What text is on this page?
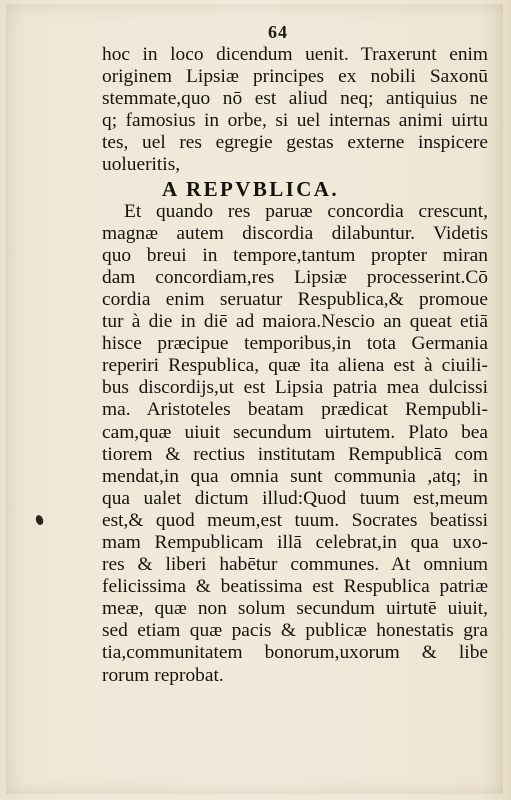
64
hoc in loco dicendum uenit. Traxerunt enim
originem Lipsiæ principes ex nobili Saxonū
stemmate,quo nō est aliud neq; antiquius ne
q; famosius in orbe, si uel internas animi uirtu
tes, uel res egregie gestas externe inspicere
uolueritis,
A REPVBLICA.
Et quando res paruæ concordia crescunt,
magnæ autem discordia dilabuntur. Videtis
quo breui in tempore,tantum propter miran
dam concordiam,res Lipsiæ processerint.Cō
cordia enim seruatur Respublica,& promoue
tur à die in diē ad maiora.Nescio an queat etiā
hisce præcipue temporibus,in tota Germania
reperiri Respublica, quæ ita aliena est à ciuili-
bus discordijs,ut est Lipsia patria mea dulcissi
ma. Aristoteles beatam prædicat Rempubli-
cam,quæ uiuit secundum uirtutem. Plato bea
tiorem & rectius institutam Rempublicā com
mendat,in qua omnia sunt communia ,atq; in
qua ualet dictum illud:Quod tuum est,meum
est,& quod meum,est tuum. Socrates beatissi
mam Rempublicam illā celebrat,in qua uxo-
res & liberi habētur communes. At omnium
felicissima & beatissima est Respublica patriæ
meæ, quæ non solum secundum uirtutē uiuit,
sed etiam quæ pacis & publicæ honestatis gra
tia,communitatem bonorum,uxorum & libe
rorum reprobat.
